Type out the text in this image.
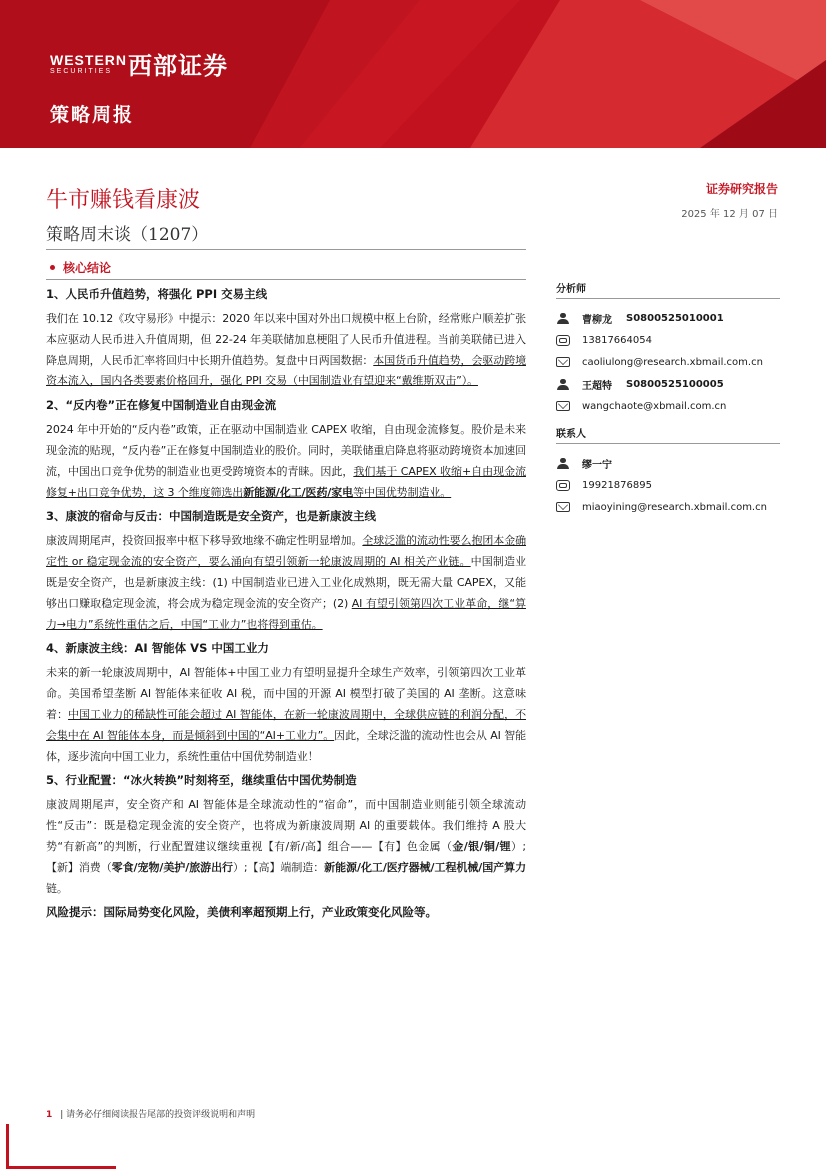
WESTERN
SECURITIES 西部证券
策略周报
牛市赚钱看康波
策略周末谈（1207）
证券研究报告
2025 年 12 月 07 日
核心结论
1、人民币升值趋势，将强化 PPI 交易主线
我们在 10.12《攻守易形》中提示：2020 年以来中国对外出口规模中枢上台阶，经常账户顺差扩张本应驱动人民币进入升值周期，但 22-24 年美联储加息梗阻了人民币升值进程。当前美联储已进入降息周期，人民币汇率将回归中长期升值趋势。复盘中日两国数据：本国货币升值趋势，会驱动跨境资本流入，国内各类要素价格回升，强化 PPI 交易（中国制造业有望迎来“戴维斯双击”）。
2、“反内卷”正在修复中国制造业自由现金流
2024 年中开始的“反内卷”政策，正在驱动中国制造业 CAPEX 收缩，自由现金流修复。股价是未来现金流的贴现，“反内卷”正在修复中国制造业的股价。同时，美联储重启降息将驱动跨境资本加速回流，中国出口竞争优势的制造业也更受跨境资本的青睐。因此，我们基于 CAPEX 收缩+自由现金流修复+出口竞争优势，这 3 个维度筛选出新能源/化工/医药/家电等中国优势制造业。
3、康波的宿命与反击：中国制造既是安全资产，也是新康波主线
康波周期尾声，投资回报率中枢下移导致地缘不确定性明显增加。全球泛滥的流动性要么抱团本金确定性 or 稳定现金流的安全资产，要么涌向有望引领新一轮康波周期的 AI 相关产业链。中国制造业既是安全资产，也是新康波主线：(1) 中国制造业已进入工业化成熟期，既无需大量 CAPEX，又能够出口赚取稳定现金流，将会成为稳定现金流的安全资产；(2) AI 有望引领第四次工业革命，继“算力→电力”系统性重估之后，中国“工业力”也将得到重估。
4、新康波主线：AI 智能体 VS 中国工业力
未来的新一轮康波周期中，AI 智能体+中国工业力有望明显提升全球生产效率，引领第四次工业革命。美国希望垄断 AI 智能体来征收 AI 税，而中国的开源 AI 模型打破了美国的 AI 垄断。这意味着：中国工业力的稀缺性可能会超过 AI 智能体，在新一轮康波周期中，全球供应链的利润分配，不会集中在 AI 智能体本身，而是倾斜到中国的“AI+工业力”。因此，全球泛滥的流动性也会从 AI 智能体，逐步流向中国工业力，系统性重估中国优势制造业！
5、行业配置：“冰火转换”时刻将至，继续重估中国优势制造
康波周期尾声，安全资产和 AI 智能体是全球流动性的“宿命”，而中国制造业则能引领全球流动性“反击”：既是稳定现金流的安全资产，也将成为新康波周期 AI 的重要载体。我们维持 A 股大势“有新高”的判断，行业配置建议继续重视【有/新/高】组合——【有】色金属（金/银/铜/锂）;【新】消费（零食/宠物/美护/旅游出行）;【高】端制造：新能源/化工/医疗器械/工程机械/国产算力链。
风险提示：国际局势变化风险，美债利率超预期上行，产业政策变化风险等。
分析师
曹柳龙 S0800525010001
13817664054
caoliulong@research.xbmail.com.cn
王超特 S0800525100005
wangchaote@xbmail.com.cn
联系人
缪一宁
19921876895
miaoyining@research.xbmail.com.cn
1 | 请务必仔细阅读报告尾部的投资评级说明和声明
